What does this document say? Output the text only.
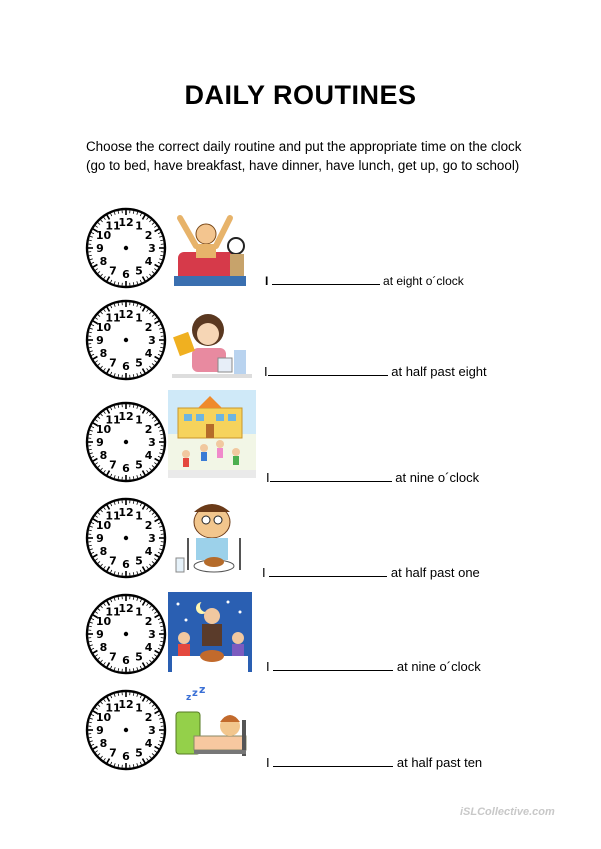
DAILY ROUTINES
Choose the correct daily routine and put the appropriate time on the clock (go to bed, have breakfast, have dinner, have lunch, get up, go to school)
12 1
2
3
4
5
6
7
8
9
10
11
I	at eight o´clock
12 1
2
3
4
5
6
7
8
9
10
11
I	at half past eight
12 1
2
3
4
5
6
7
8
9
10
11
I	at nine o´clock
12 1
2
3
4
5
6
7
8
9
10
11
I	at half past one
12 1
2
3
4
5
6
7
8
9
10
11
I	at nine o´clock
12 1
2
3
4
5
6
7
8
9
10
11
z z z
I	at half past ten
iSLCollective.com
